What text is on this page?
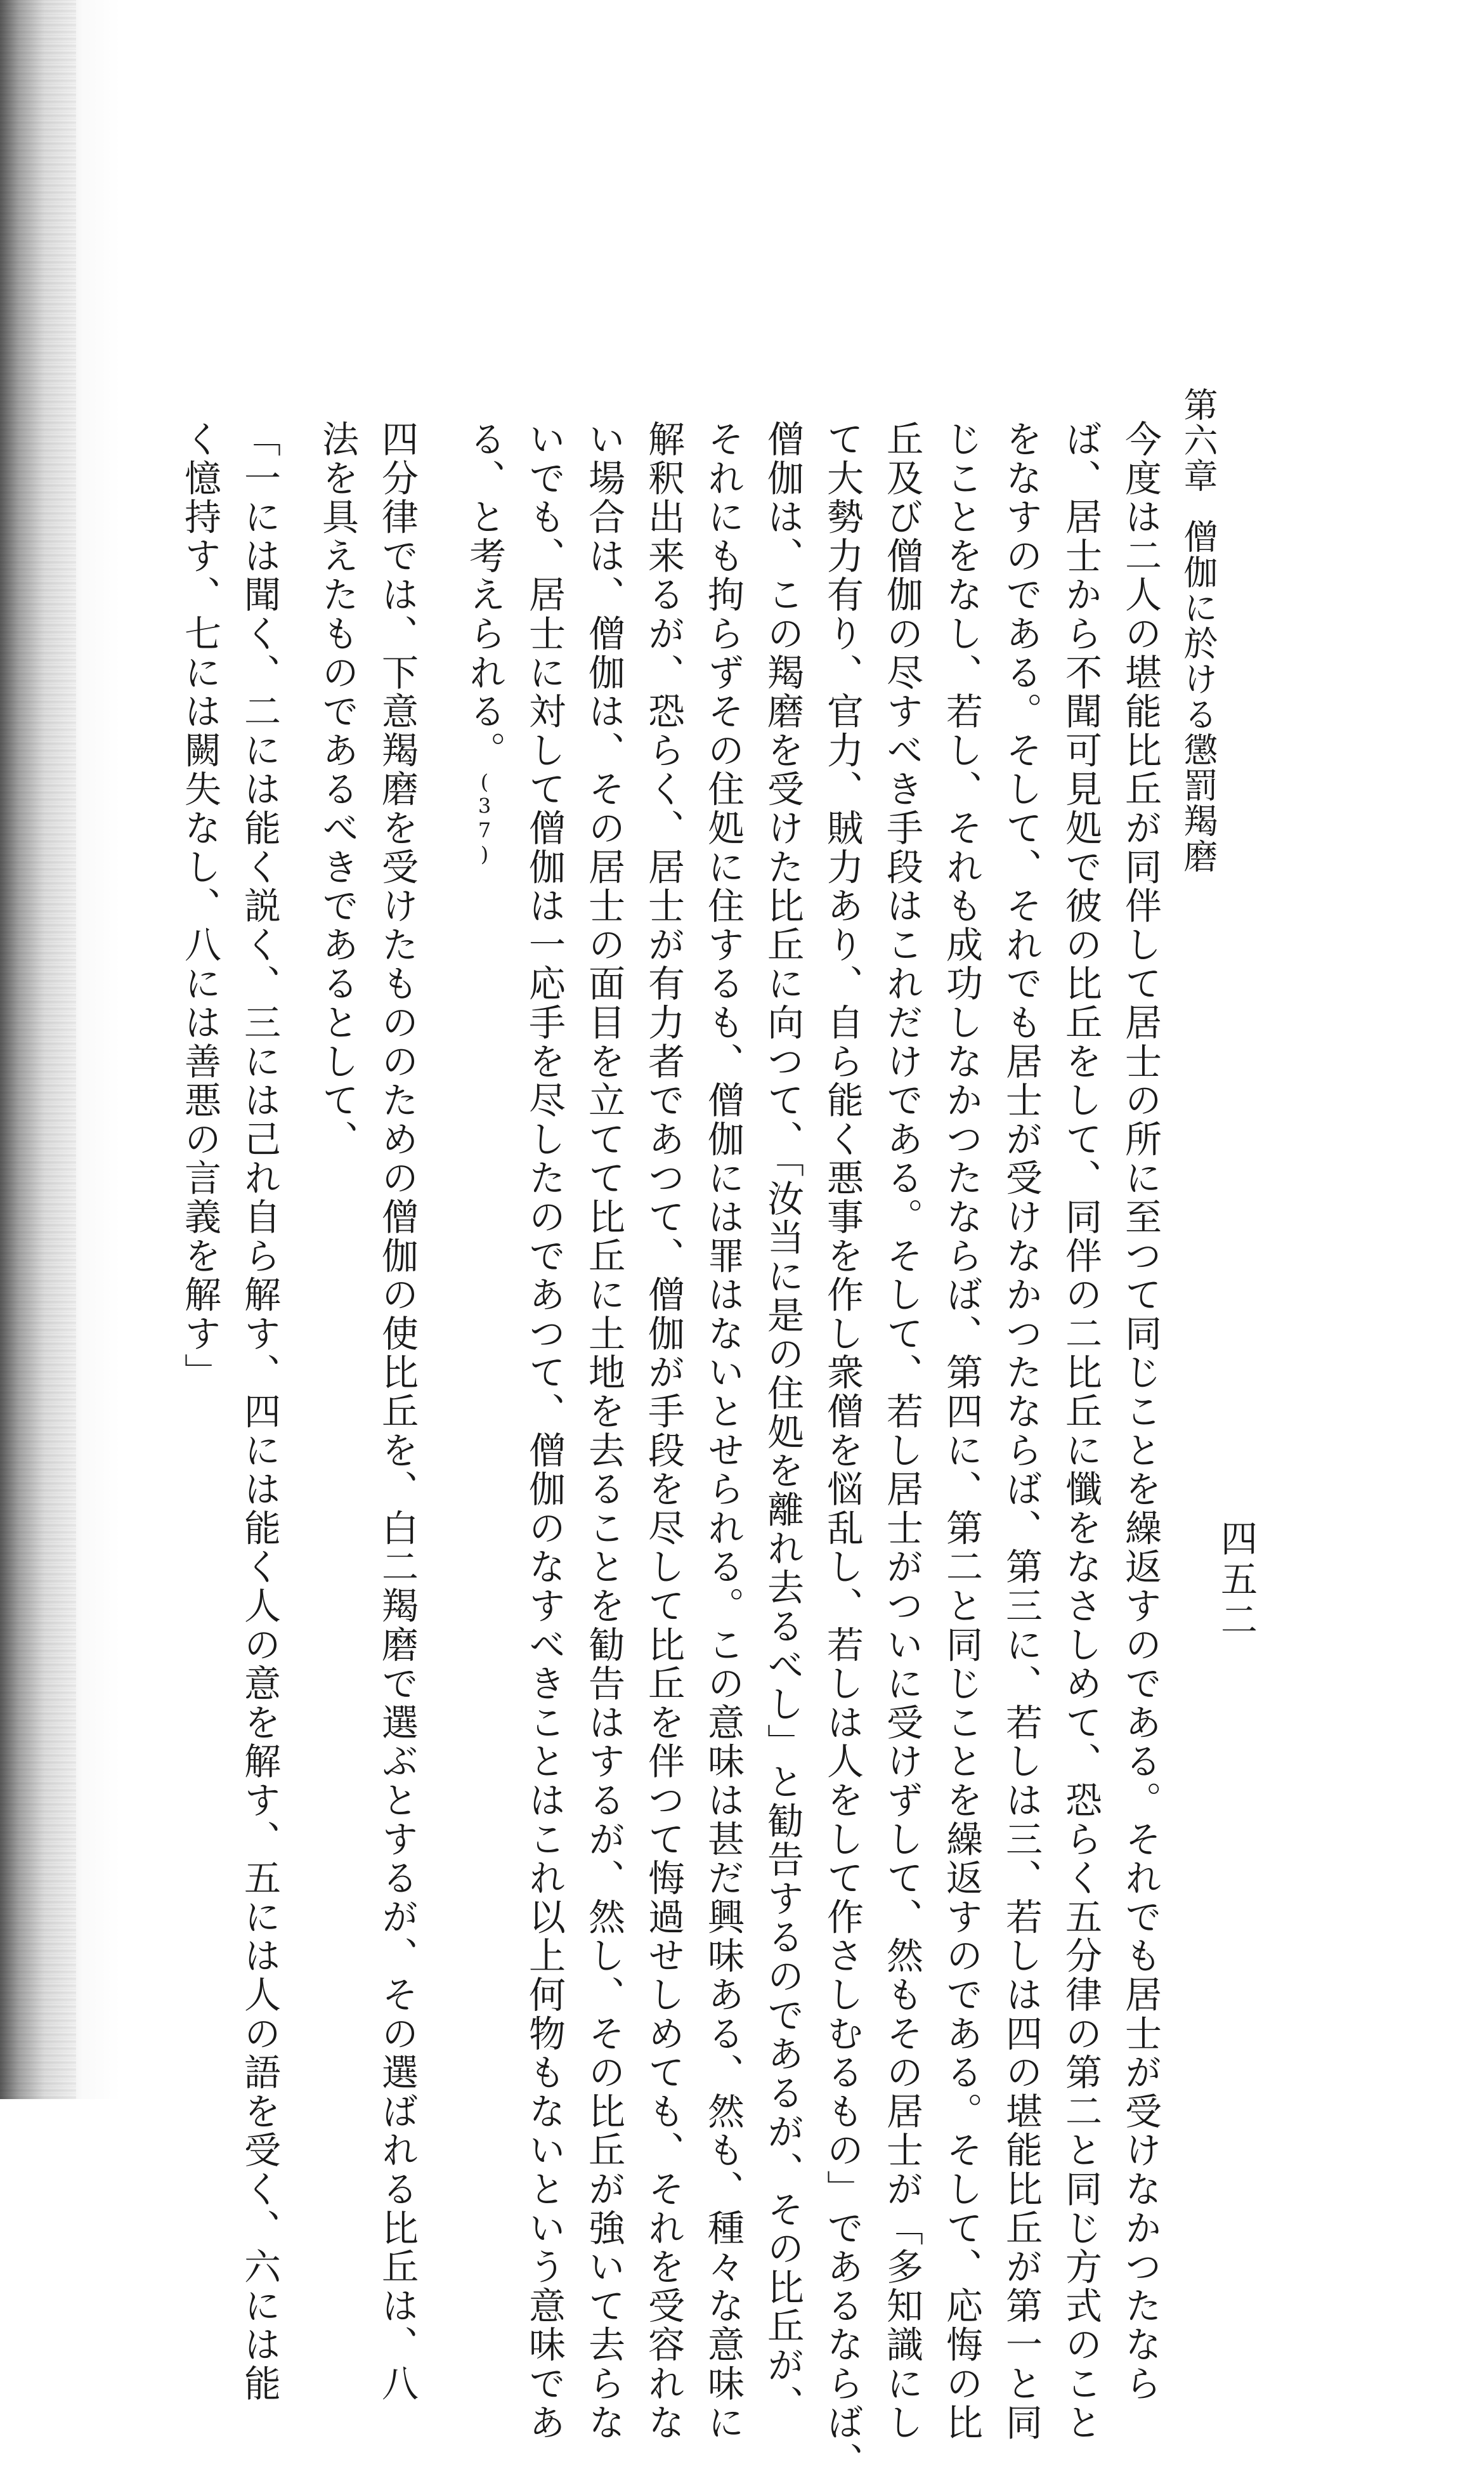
第六章僧伽に於ける懲罰羯磨
今度は二人の堪能比丘が同伴して居士の所に至つて同じことを繰返すのである。それでも居士が受けなかつたなら
ば、居士から不聞可見処で彼の比丘をして、同伴の二比丘に懺をなさしめて、恐らく五分律の第二と同じ方式のこと
をなすのである。そして、それでも居士が受けなかつたならば、第三に、若しは三、若しは四の堪能比丘が第一と同
じことをなし、若し、それも成功しなかつたならば、第四に、第二と同じことを繰返すのである。そして、応悔の比
丘及び僧伽の尽すべき手段はこれだけである。そして、若し居士がついに受けずして、然もその居士が「多知識にし
て大勢力有り、官力、賊力あり、自ら能く悪事を作し衆僧を悩乱し、若しは人をして作さしむるもの」であるならば、
僧伽は、この羯磨を受けた比丘に向つて、「汝当に是の住処を離れ去るべし」と勧告するのであるが、その比丘が、
それにも拘らずその住処に住するも、僧伽には罪はないとせられる。この意味は甚だ興味ある、然も、種々な意味に
解釈出来るが、恐らく、居士が有力者であつて、僧伽が手段を尽して比丘を伴つて悔過せしめても、それを受容れな
い場合は、僧伽は、その居士の面目を立てて比丘に土地を去ることを勧告はするが、然し、その比丘が強いて去らな
いでも、居士に対して僧伽は一応手を尽したのであつて、僧伽のなすべきことはこれ以上何物もないという意味であ
る、と考えられる。(37)
四分律では、下意羯磨を受けたもののための僧伽の使比丘を、白二羯磨で選ぶとするが、その選ばれる比丘は、八
法を具えたものであるべきであるとして、
「一には聞く、二には能く説く、三には己れ自ら解す、四には能く人の意を解す、五には人の語を受く、六には能
く憶持す、七には闕失なし、八には善悪の言義を解す」
四五二
